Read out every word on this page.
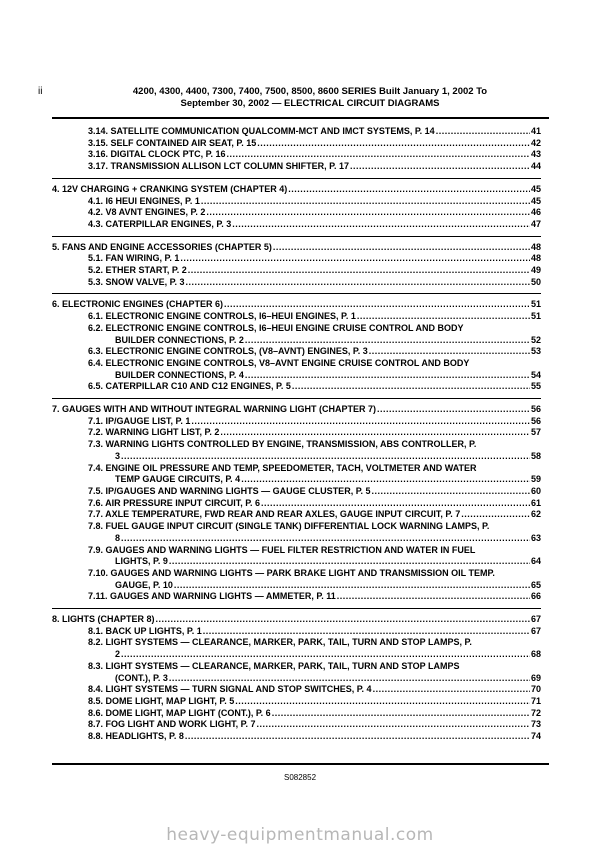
ii	4200, 4300, 4400, 7300, 7400, 7500, 8500, 8600 SERIES Built January 1, 2002 To
September 30, 2002 — ELECTRICAL CIRCUIT DIAGRAMS
3.14. SATELLITE COMMUNICATION QUALCOMM-MCT AND IMCT SYSTEMS, P. 14 .....	41
3.15. SELF CONTAINED AIR SEAT, P. 15 .....	42
3.16. DIGITAL CLOCK PTC, P. 16 .....	43
3.17. TRANSMISSION ALLISON LCT COLUMN SHIFTER, P. 17 .....	44
4. 12V CHARGING + CRANKING SYSTEM (CHAPTER 4) .....	45
4.1. I6 HEUI ENGINES, P. 1 .....	45
4.2. V8 AVNT ENGINES, P. 2 .....	46
4.3. CATERPILLAR ENGINES, P. 3 .....	47
5. FANS AND ENGINE ACCESSORIES (CHAPTER 5) .....	48
5.1. FAN WIRING, P. 1 .....	48
5.2. ETHER START, P. 2 .....	49
5.3. SNOW VALVE, P. 3 .....	50
6. ELECTRONIC ENGINES (CHAPTER 6) .....	51
6.1. ELECTRONIC ENGINE CONTROLS, I6–HEUI ENGINES, P. 1 .....	51
6.2. ELECTRONIC ENGINE CONTROLS, I6–HEUI ENGINE CRUISE CONTROL AND BODY
BUILDER CONNECTIONS, P. 2 .....	52
6.3. ELECTRONIC ENGINE CONTROLS, (V8–AVNT) ENGINES, P. 3 .....	53
6.4. ELECTRONIC ENGINE CONTROLS, V8–AVNT ENGINE CRUISE CONTROL AND BODY
BUILDER CONNECTIONS, P. 4 .....	54
6.5. CATERPILLAR C10 AND C12 ENGINES, P. 5 .....	55
7. GAUGES WITH AND WITHOUT INTEGRAL WARNING LIGHT (CHAPTER 7) .....	56
7.1. IP/GAUGE LIST, P. 1 .....	56
7.2. WARNING LIGHT LIST, P. 2 .....	57
7.3. WARNING LIGHTS CONTROLLED BY ENGINE, TRANSMISSION, ABS CONTROLLER, P.
3 .....	58
7.4. ENGINE OIL PRESSURE AND TEMP, SPEEDOMETER, TACH, VOLTMETER AND WATER
TEMP GAUGE CIRCUITS, P. 4 .....	59
7.5. IP/GAUGES AND WARNING LIGHTS — GAUGE CLUSTER, P. 5 .....	60
7.6. AIR PRESSURE INPUT CIRCUIT, P. 6 .....	61
7.7. AXLE TEMPERATURE, FWD REAR AND REAR AXLES, GAUGE INPUT CIRCUIT, P. 7 .....	62
7.8. FUEL GAUGE INPUT CIRCUIT (SINGLE TANK) DIFFERENTIAL LOCK WARNING LAMPS, P.
8 .....	63
7.9. GAUGES AND WARNING LIGHTS — FUEL FILTER RESTRICTION AND WATER IN FUEL
LIGHTS, P. 9 .....	64
7.10. GAUGES AND WARNING LIGHTS — PARK BRAKE LIGHT AND TRANSMISSION OIL TEMP.
GAUGE, P. 10 .....	65
7.11. GAUGES AND WARNING LIGHTS — AMMETER, P. 11 .....	66
8. LIGHTS (CHAPTER 8) .....	67
8.1. BACK UP LIGHTS, P. 1 .....	67
8.2. LIGHT SYSTEMS — CLEARANCE, MARKER, PARK, TAIL, TURN AND STOP LAMPS, P.
2 .....	68
8.3. LIGHT SYSTEMS — CLEARANCE, MARKER, PARK, TAIL, TURN AND STOP LAMPS
(CONT.), P. 3 .....	69
8.4. LIGHT SYSTEMS — TURN SIGNAL AND STOP SWITCHES, P. 4 .....	70
8.5. DOME LIGHT, MAP LIGHT, P. 5 .....	71
8.6. DOME LIGHT, MAP LIGHT (CONT.), P. 6 .....	72
8.7. FOG LIGHT AND WORK LIGHT, P. 7 .....	73
8.8. HEADLIGHTS, P. 8 .....	74
S082852
heavy-equipmentmanual.com
